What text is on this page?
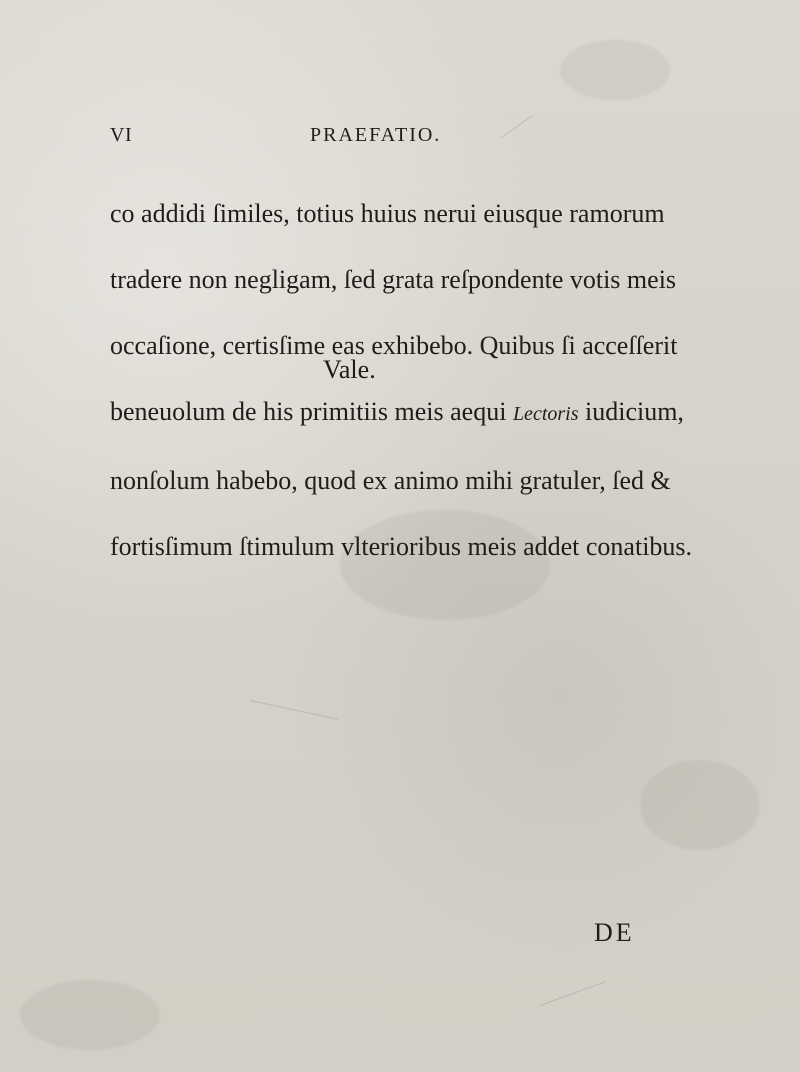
VI	PRAEFATIO.

co addidi ſimiles, totius huius nerui eiusque ramorum

tradere non negligam, ſed grata reſpondente votis meis

occaſione, certisſime eas exhibebo. Quibus ſi acceſſerit

beneuolum de his primitiis meis aequi Lectoris iudicium,

nonſolum habebo, quod ex animo mihi gratuler, ſed &

fortisſimum ſtimulum vlterioribus meis addet conatibus.

Vale.
DE
